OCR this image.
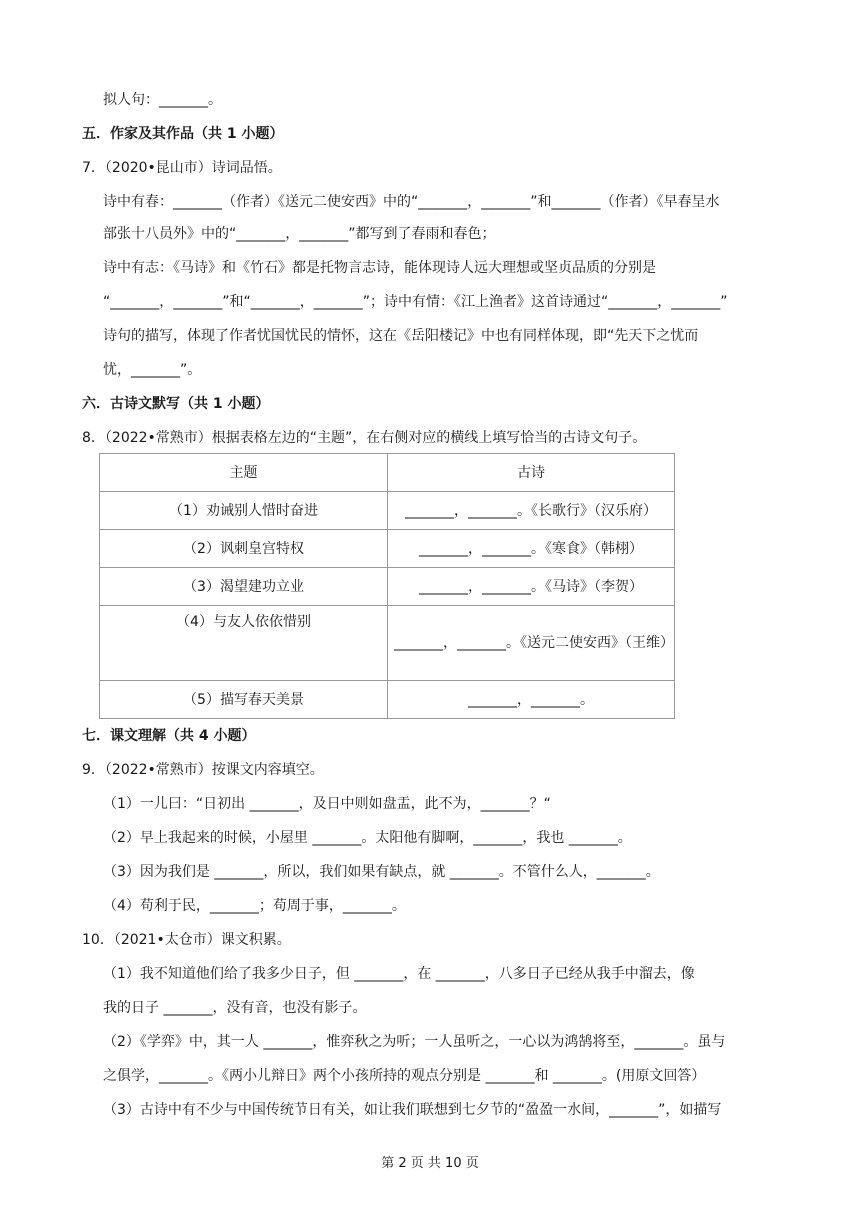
拟人句：_______。
五．作家及其作品（共 1 小题）
7．（2020•昆山市）诗词品悟。
诗中有春：_______（作者）《送元二使安西》中的“_______，_______”和_______（作者）《早春呈水
部张十八员外》中的“_______，_______”都写到了春雨和春色；
诗中有志：《马诗》和《竹石》都是托物言志诗，能体现诗人远大理想或坚贞品质的分别是
“_______，_______”和“_______，_______”；诗中有情：《江上渔者》这首诗通过“_______，_______”
诗句的描写，体现了作者忧国忧民的情怀，这在《岳阳楼记》中也有同样体现，即“先天下之忧而
忧，_______”。
六．古诗文默写（共 1 小题）
8．（2022•常熟市）根据表格左边的“主题”，在右侧对应的横线上填写恰当的古诗文句子。
主题	古诗
（1）劝诫别人惜时奋进	_______，_______。《长歌行》（汉乐府）
（2）讽刺皇宫特权	_______，_______。《寒食》（韩栩）
（3）渴望建功立业	_______，_______。《马诗》（李贺）
（4）与友人依依惜别	_______，_______。《送元二使安西》（王维）
（5）描写春天美景	_______，_______。
七．课文理解（共 4 小题）
9．（2022•常熟市）按课文内容填空。
（1）一儿曰：“日初出 _______，及日中则如盘盂，此不为，_______？“
（2）早上我起来的时候，小屋里 _______。太阳他有脚啊，_______，我也 _______。
（3）因为我们是 _______，所以，我们如果有缺点，就 _______。不管什么人，_______。
（4）苟利于民，_______；苟周于事，_______。
10．（2021•太仓市）课文积累。
（1）我不知道他们给了我多少日子，但 _______，在 _______，八多日子已经从我手中溜去，像
我的日子 _______，没有音，也没有影子。
（2）《学弈》中，其一人 _______，惟弈秋之为听；一人虽听之，一心以为鸿鹄将至，_______。虽与
之俱学，_______。《两小儿辩日》两个小孩所持的观点分别是 _______和 _______。(用原文回答）
（3）古诗中有不少与中国传统节日有关，如让我们联想到七夕节的“盈盈一水间，_______”，如描写
第 2 页 共 10 页
